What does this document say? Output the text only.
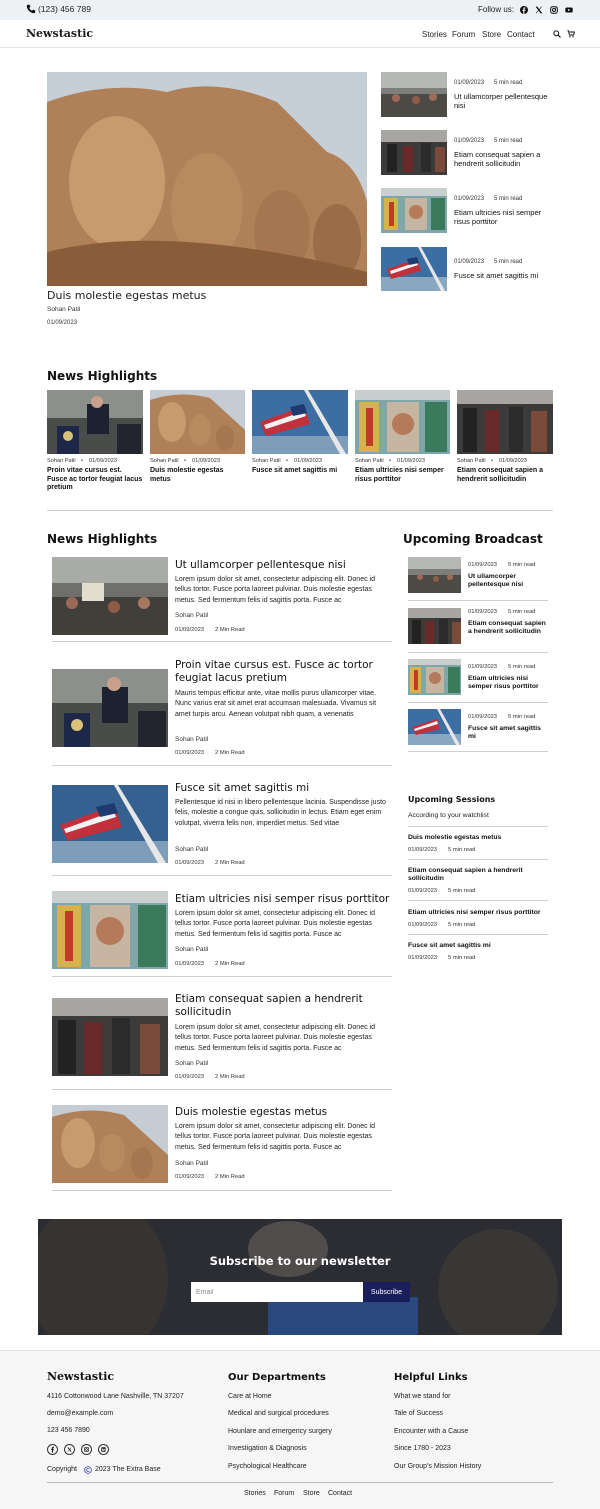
(123) 456 789	Follow us:
Newstastic	Stories Forum Store Contact
Duis molestie egestas metus
Sohan Patil
01/09/2023
01/09/2023 5 min read
Ut ullamcorper pellentesque nisi
01/09/2023 5 min read
Etiam consequat sapien a hendrerit sollicitudin
01/09/2023 5 min read
Etiam ultricies nisi semper risus porttitor
01/09/2023 5 min read
Fusce sit amet sagittis mi
News Highlights
Sohan Patil • 01/09/2023
Proin vitae cursus est. Fusce ac tortor feugiat lacus pretium
Sohan Patil • 01/09/2023
Duis molestie egestas metus
Sohan Patil • 01/09/2023
Fusce sit amet sagittis mi
Sohan Patil • 01/09/2023
Etiam ultricies nisi semper risus porttitor
Sohan Patil • 01/09/2023
Etiam consequat sapien a hendrerit sollicitudin
News Highlights
Ut ullamcorper pellentesque nisi
Lorem ipsum dolor sit amet, consectetur adipiscing elit. Donec id tellus tortor. Fusce porta laoreet pulvinar. Duis molestie egestas metus. Sed fermentum felis id sagittis porta. Fusce ac
Sohan Patil
01/09/2023 2 Min Read
Proin vitae cursus est. Fusce ac tortor feugiat lacus pretium
Mauris tempus efficitur ante, vitae mollis purus ullamcorper vitae. Nunc varius erat sit amet erat accumsan malesuada. Vivamus sit amet turpis arcu. Aenean volutpat nibh quam, a venenatis
Sohan Patil
01/09/2023 2 Min Read
Fusce sit amet sagittis mi
Pellentesque id nisi in libero pellentesque lacinia. Suspendisse justo felis, molestie a congue quis, sollicitudin in lectus. Etiam eget enim volutpat, viverra felis non, imperdiet metus. Sed vitae
Sohan Patil
01/09/2023 2 Min Read
Etiam ultricies nisi semper risus porttitor
Lorem ipsum dolor sit amet, consectetur adipiscing elit. Donec id tellus tortor. Fusce porta laoreet pulvinar. Duis molestie egestas metus. Sed fermentum felis id sagittis porta. Fusce ac
Sohan Patil
01/09/2023 2 Min Read
Etiam consequat sapien a hendrerit sollicitudin
Lorem ipsum dolor sit amet, consectetur adipiscing elit. Donec id tellus tortor. Fusce porta laoreet pulvinar. Duis molestie egestas metus. Sed fermentum felis id sagittis porta. Fusce ac
Sohan Patil
01/09/2023 2 Min Read
Duis molestie egestas metus
Lorem ipsum dolor sit amet, consectetur adipiscing elit. Donec id tellus tortor. Fusce porta laoreet pulvinar. Duis molestie egestas metus. Sed fermentum felis id sagittis porta. Fusce ac
Sohan Patil
01/09/2023 2 Min Read
Upcoming Broadcast
01/09/2023 5 min read
Ut ullamcorper pellentesque nisi
01/09/2023 5 min read
Etiam consequat sapien a hendrerit sollicitudin
01/09/2023 5 min read
Etiam ultricies nisi semper risus porttitor
01/09/2023 5 min read
Fusce sit amet sagittis mi
Upcoming Sessions
According to your watchlist
Duis molestie egestas metus
01/09/2023 5 min read
Etiam consequat sapien a hendrerit sollicitudin
01/09/2023 5 min read
Etiam ultricies nisi semper risus porttitor
01/09/2023 5 min read
Fusce sit amet sagittis mi
01/09/2023 5 min read
Subscribe to our newsletter
Email
Subscribe
Newstastic
4116 Cottonwood Lane Nashville, TN 37207
demo@example.com
123 456 7890
Copyright	2023 The Extra Base
Our Departments
Care at Home
Medical and surgical procedures
Hounlare and emergency surgery
Investigation & Diagnosis
Psychological Healthcare
Helpful Links
What we stand for
Tale of Success
Encounter with a Cause
Since 1780 - 2023
Our Group's Mission History
Stories Forum Store Contact
